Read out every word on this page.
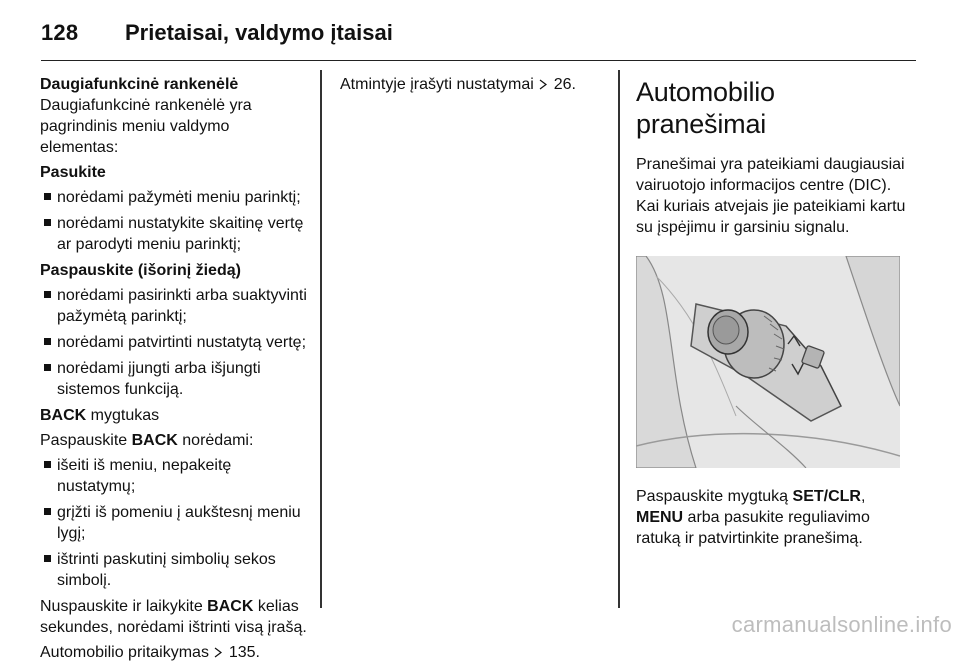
128 Prietaisai, valdymo įtaisai

Daugiafunkcinė rankenėlė

Daugiafunkcinė rankenėlė yra pagrindinis meniu valdymo elementas:

Pasukite

norėdami pažymėti meniu parinktį;
norėdami nustatykite skaitinę vertę ar parodyti meniu parinktį;

Paspauskite (išorinį žiedą)

norėdami pasirinkti arba suaktyvinti pažymėtą parinktį;
norėdami patvirtinti nustatytą vertę;
norėdami įjungti arba išjungti sistemos funkciją.

BACK mygtukas

Paspauskite BACK norėdami:

išeiti iš meniu, nepakeitę nustatymų;
grįžti iš pomeniu į aukštesnį meniu lygį;
ištrinti paskutinį simbolių sekos simbolį.

Nuspauskite ir laikykite BACK kelias sekundes, norėdami ištrinti visą įrašą.

Automobilio pritaikymas 135.

Atmintyje įrašyti nustatymai 26.	Automobilio pranešimai

Pranešimai yra pateikiami daugiausiai vairuotojo informacijos centre (DIC). Kai kuriais atvejais jie pateikiami kartu su įspėjimu ir garsiniu signalu.

Paspauskite mygtuką SET/CLR,
MENU arba pasukite reguliavimo ratuką ir patvirtinkite pranešimą.

carmanualsonline.info
